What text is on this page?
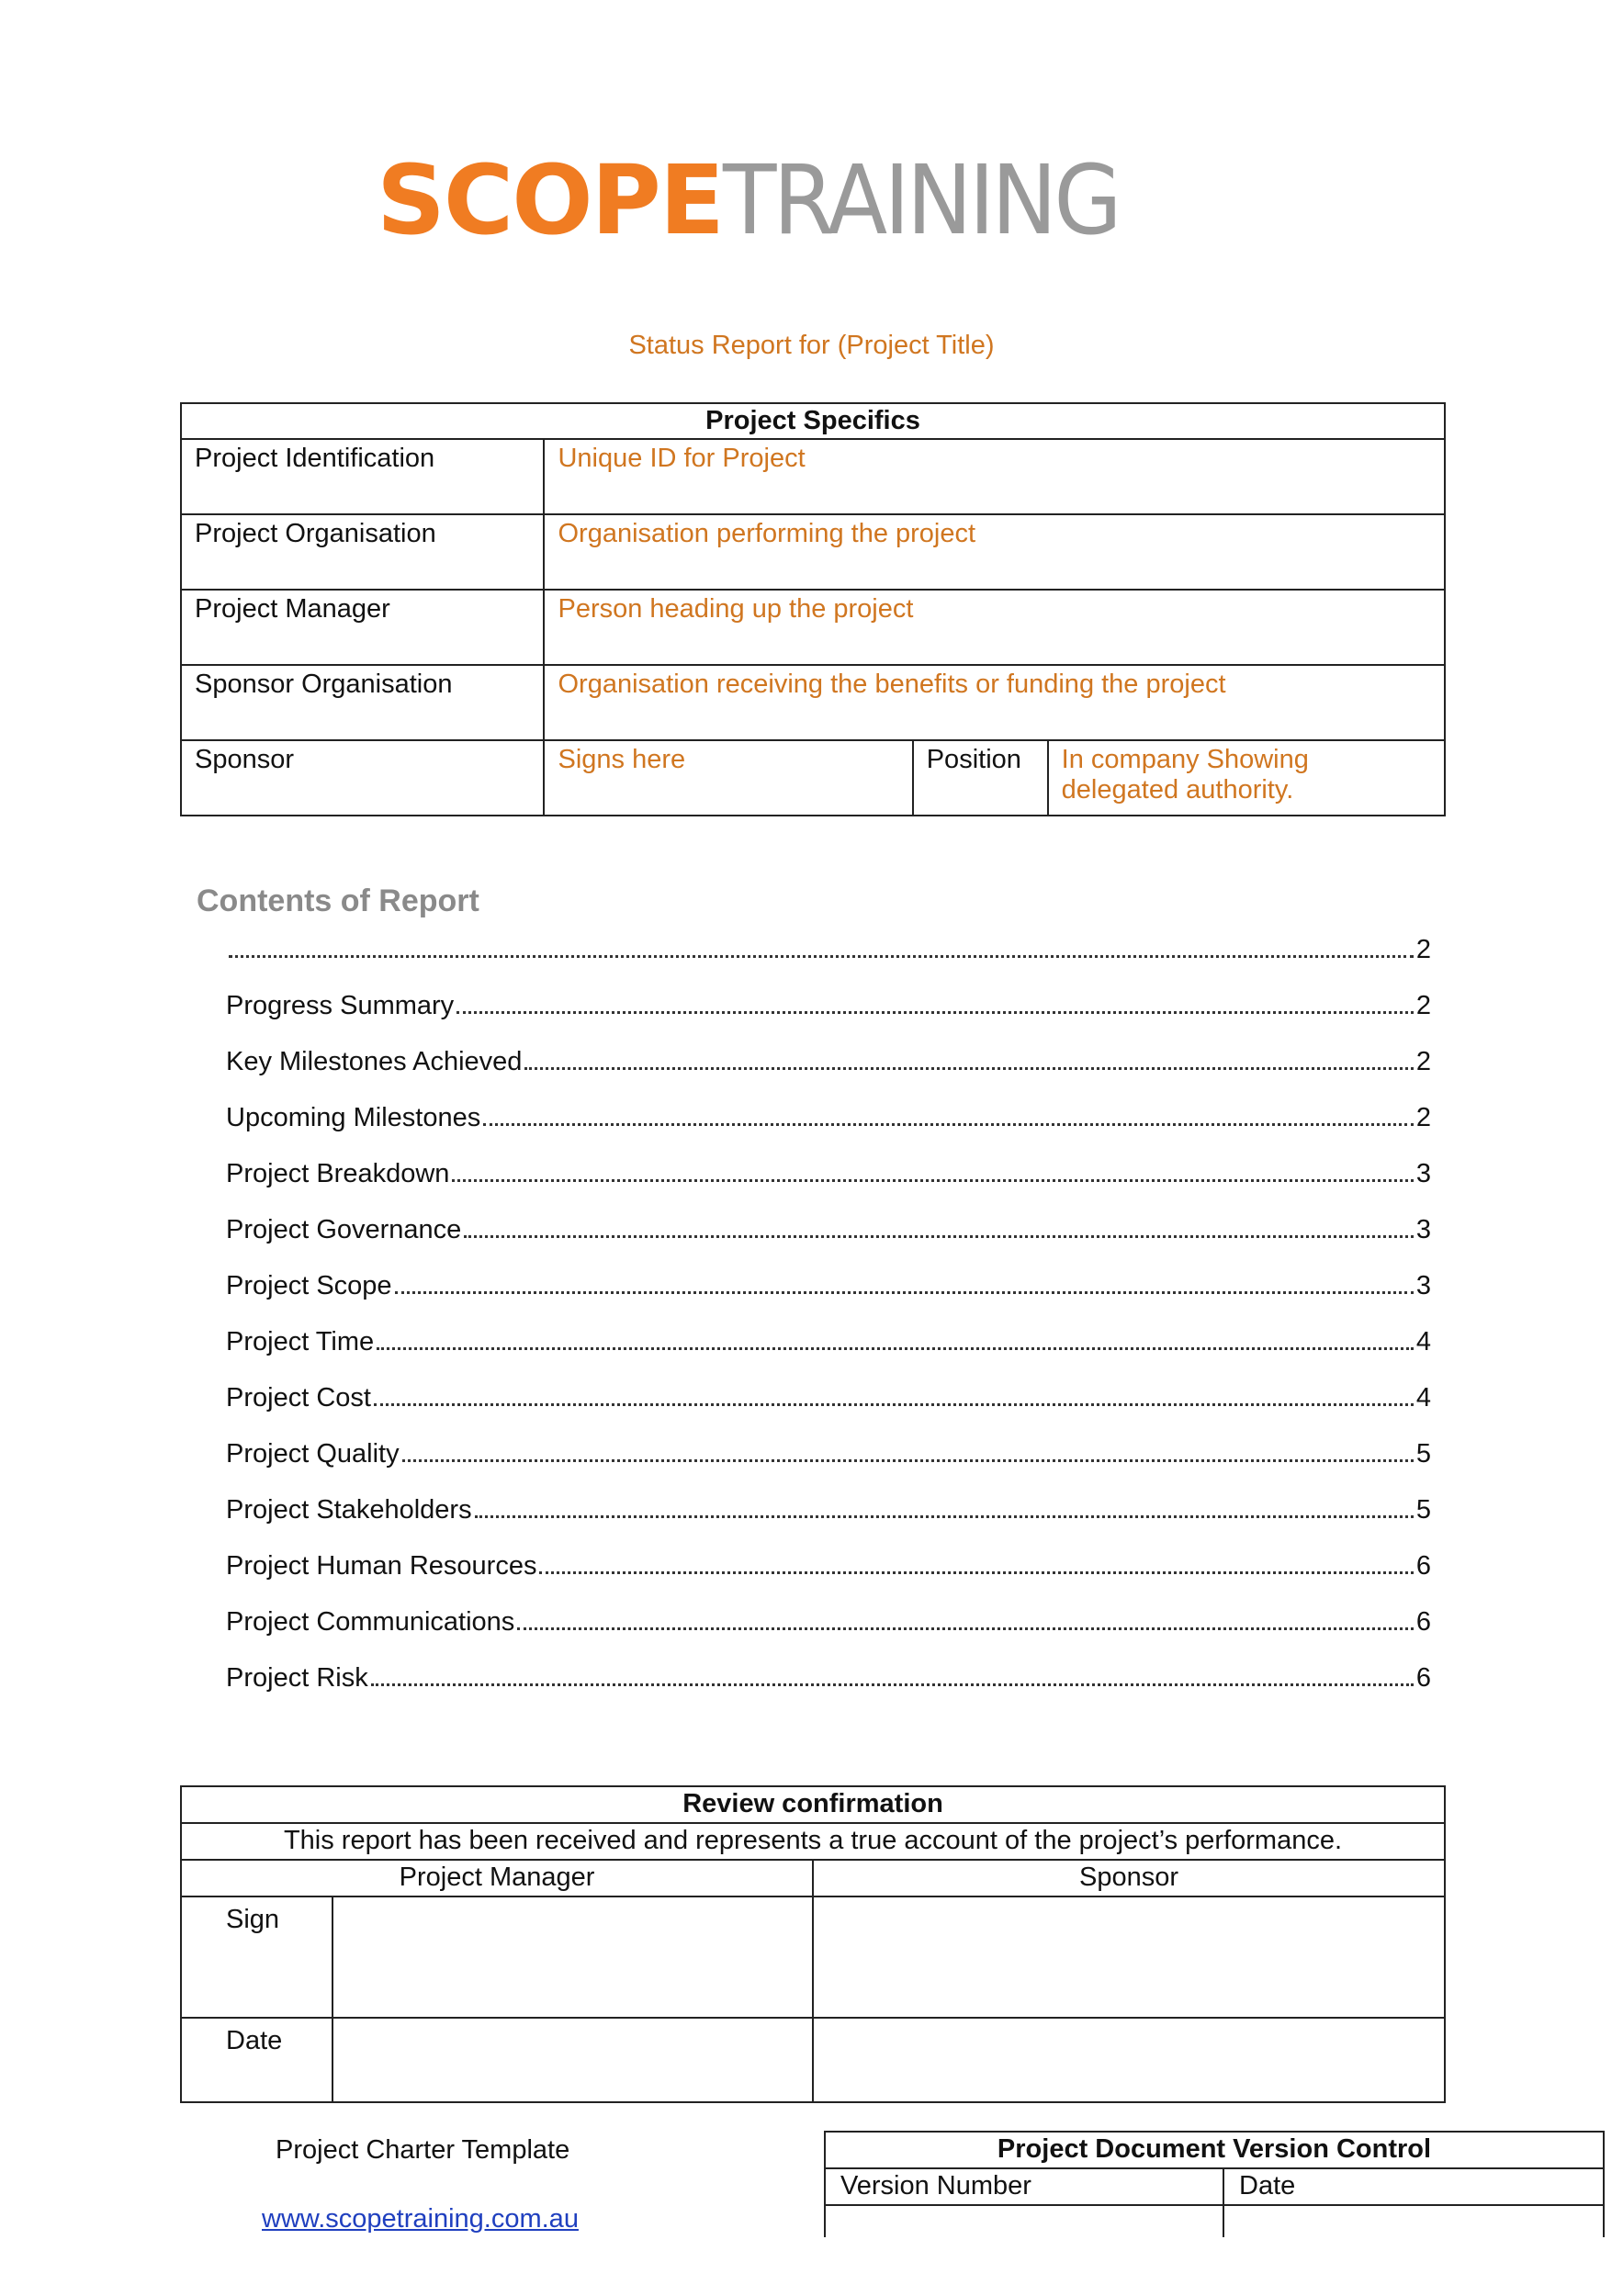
SCOPE TRAINING
Status Report for (Project Title)
Project Specifics			
Project Identification	Unique ID for Project		
Project Organisation	Organisation performing the project		
Project Manager	Person heading up the project		
Sponsor Organisation	Organisation receiving the benefits or funding the project		
Sponsor	Signs here	Position	In company Showing delegated authority.
Contents of Report
2
Progress Summary	2
Key Milestones Achieved	2
Upcoming Milestones	2
Project Breakdown	3
Project Governance	3
Project Scope	3
Project Time	4
Project Cost	4
Project Quality	5
Project Stakeholders	5
Project Human Resources	6
Project Communications	6
Project Risk	6
Review confirmation		
This report has been received and represents a true account of the project’s performance.		
Project Manager		Sponsor
Sign		
Date		
Project Charter Template
www.scopetraining.com.au
Project Document Version Control	
Version Number	Date
